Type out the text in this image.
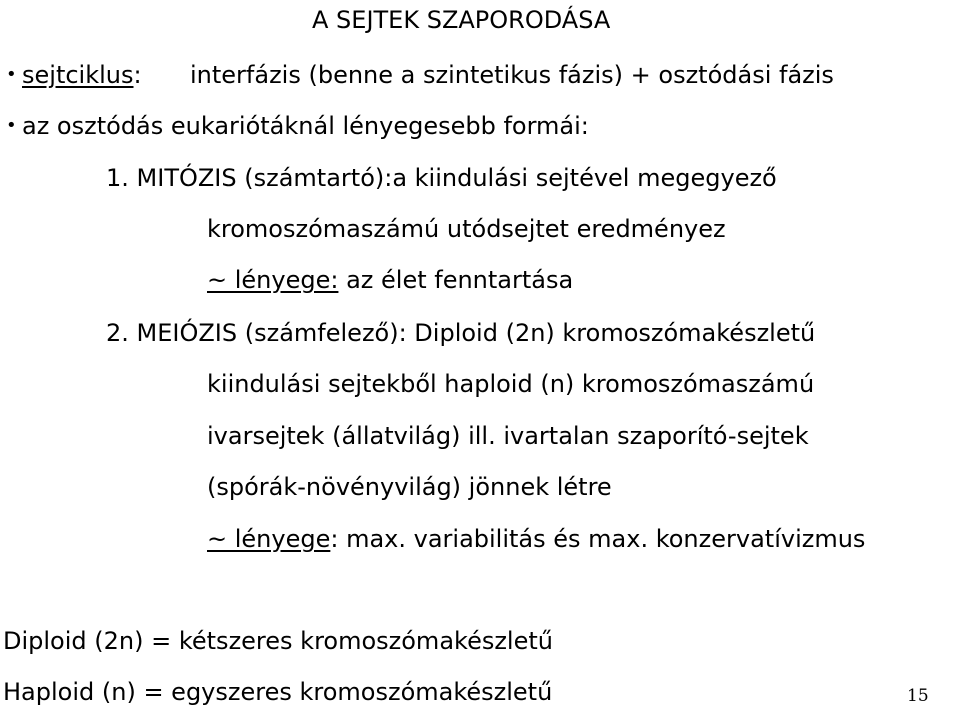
A SEJTEK SZAPORODÁSA
• sejtciklus: interfázis (benne a szintetikus fázis) + osztódási fázis
• az osztódás eukariótáknál lényegesebb formái:
1. MITÓZIS (számtartó):a kiindulási sejtével megegyező
kromoszómaszámú utódsejtet eredményez
~ lényege: az élet fenntartása
2. MEIÓZIS (számfelező): Diploid (2n) kromoszómakészletű
kiindulási sejtekből haploid (n) kromoszómaszámú
ivarsejtek (állatvilág) ill. ivartalan szaporító-sejtek
(spórák-növényvilág) jönnek létre
~ lényege: max. variabilitás és max. konzervatívizmus
Diploid (2n) = kétszeres kromoszómakészletű
Haploid (n) = egyszeres kromoszómakészletű	15
